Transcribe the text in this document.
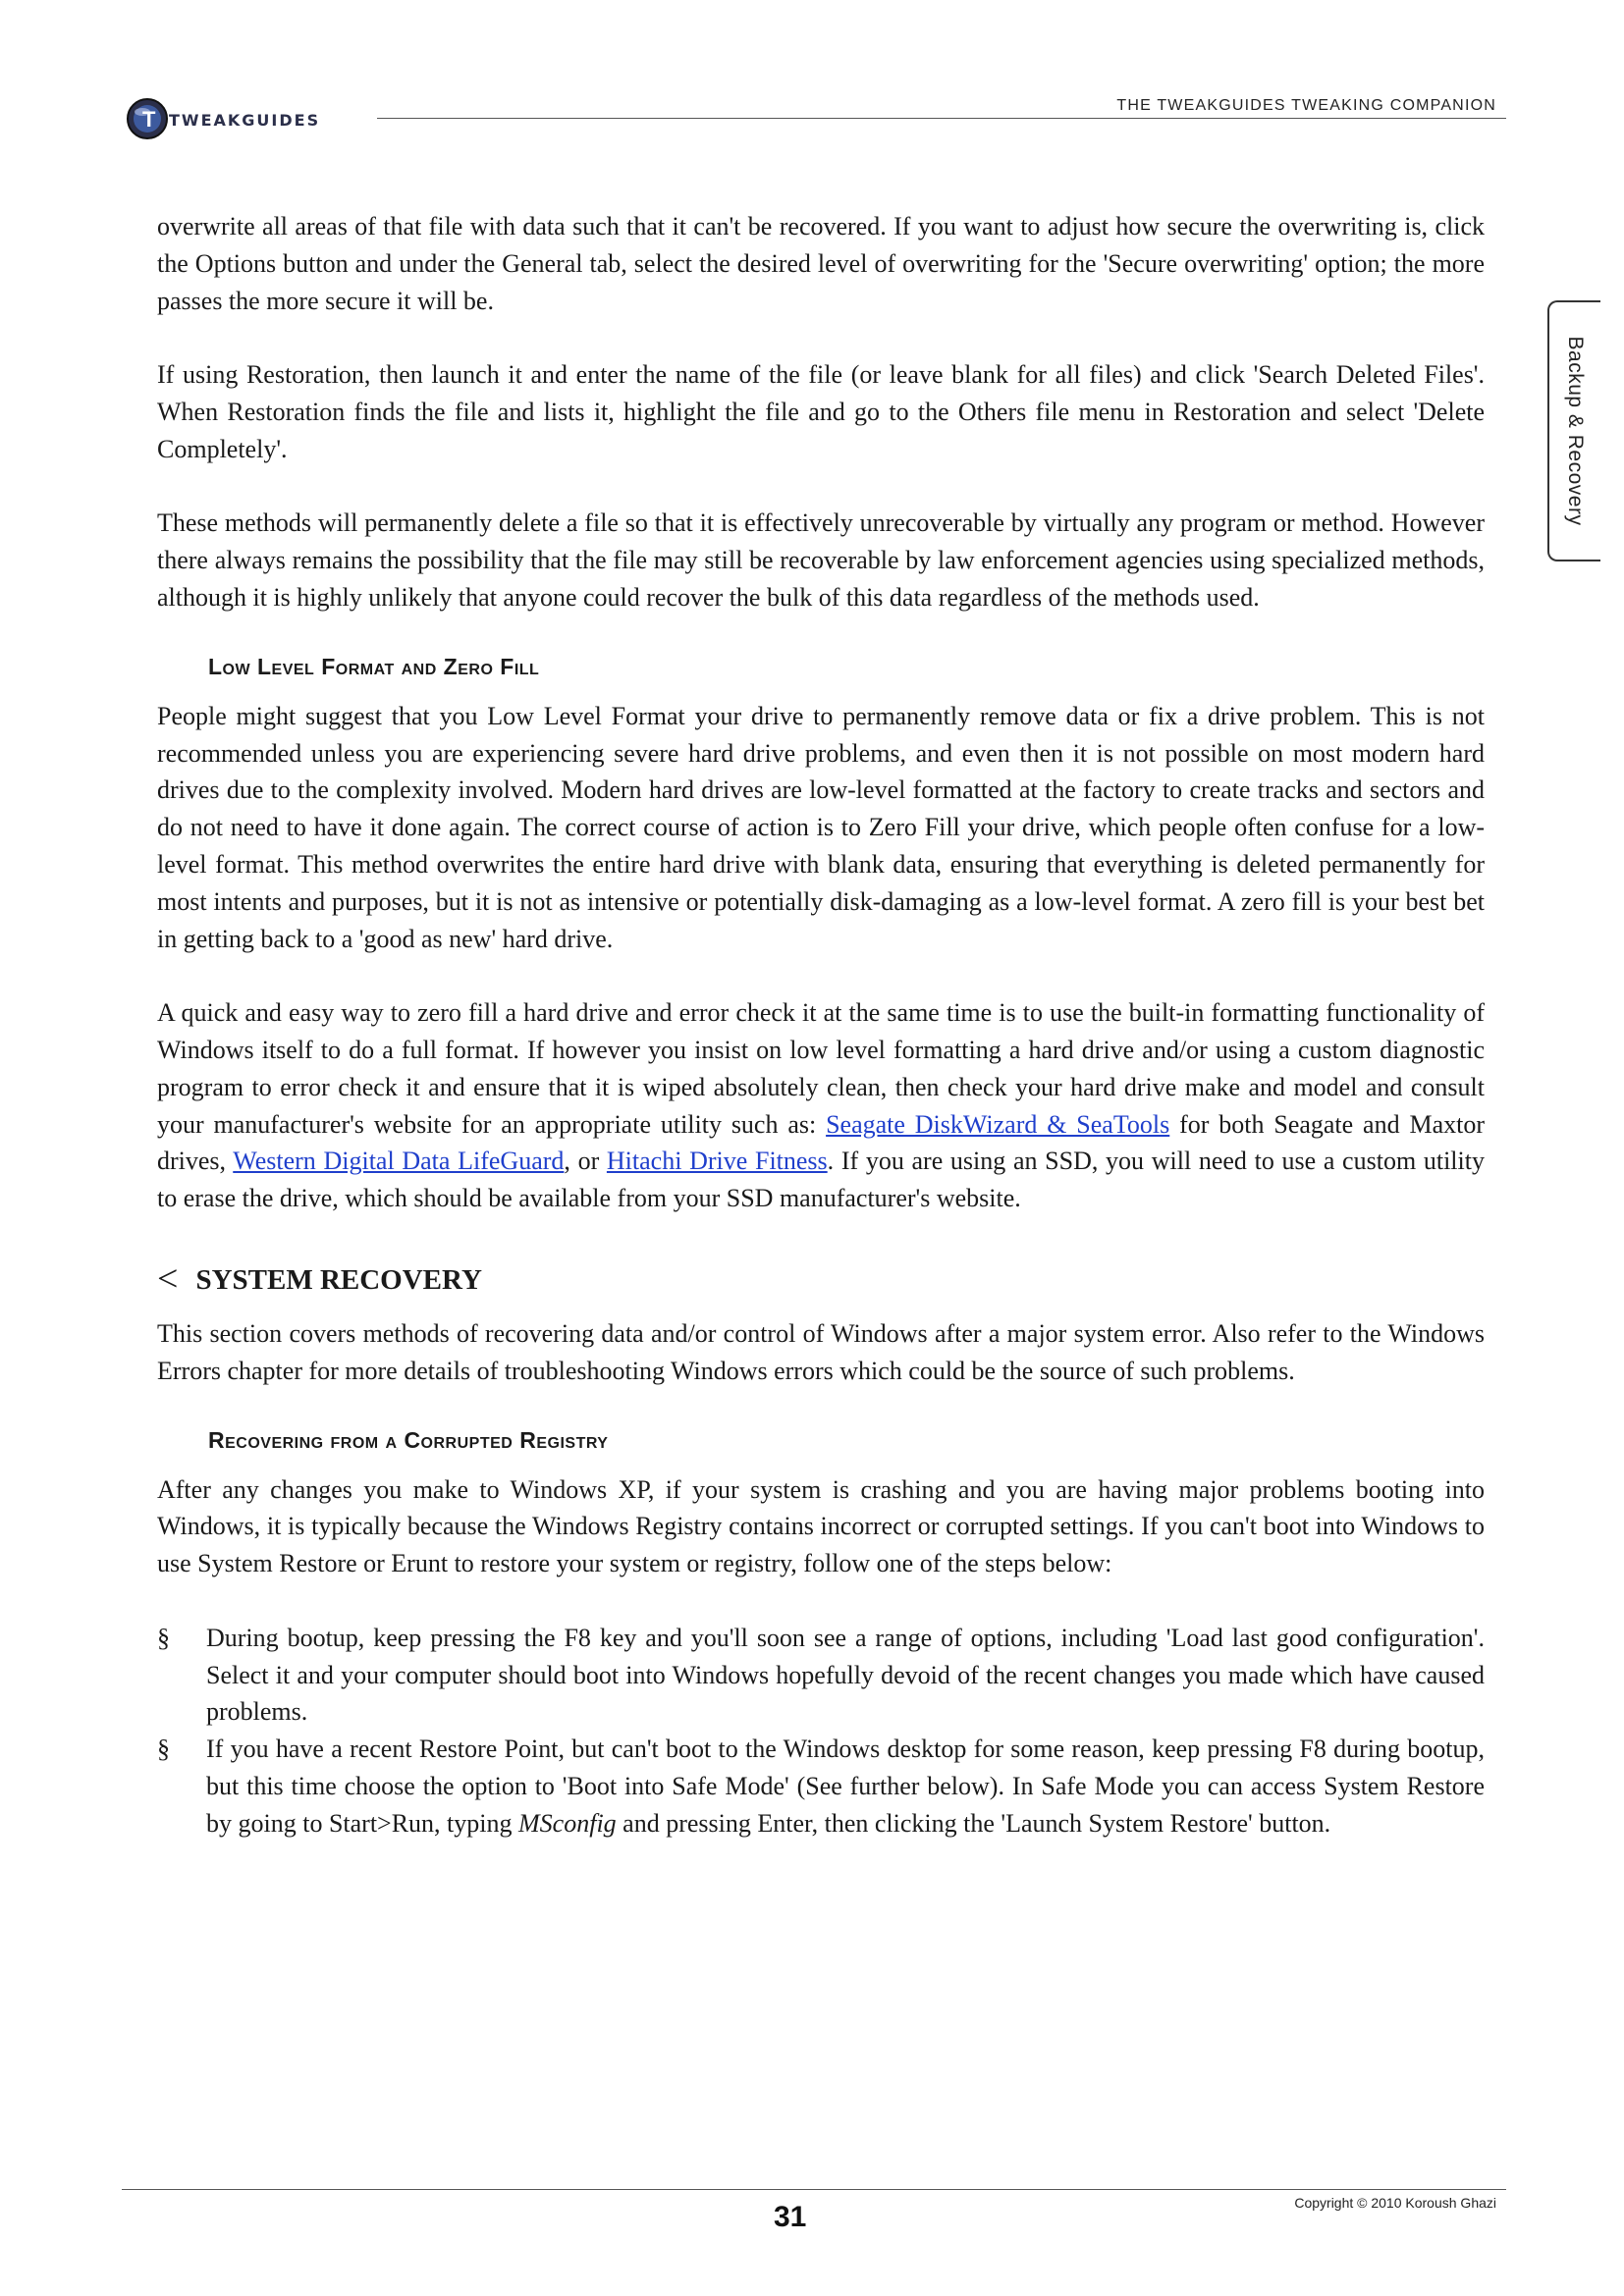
T TWEAKGUIDES
THE TWEAKGUIDES TWEAKING COMPANION
Backup & Recovery

overwrite all areas of that file with data such that it can't be recovered. If you want to adjust how secure the overwriting is, click the Options button and under the General tab, select the desired level of overwriting for the 'Secure overwriting' option; the more passes the more secure it will be.

If using Restoration, then launch it and enter the name of the file (or leave blank for all files) and click 'Search Deleted Files'. When Restoration finds the file and lists it, highlight the file and go to the Others file menu in Restoration and select 'Delete Completely'.

These methods will permanently delete a file so that it is effectively unrecoverable by virtually any program or method. However there always remains the possibility that the file may still be recoverable by law enforcement agencies using specialized methods, although it is highly unlikely that anyone could recover the bulk of this data regardless of the methods used.

Low Level Format and Zero Fill

People might suggest that you Low Level Format your drive to permanently remove data or fix a drive problem. This is not recommended unless you are experiencing severe hard drive problems, and even then it is not possible on most modern hard drives due to the complexity involved. Modern hard drives are low-level formatted at the factory to create tracks and sectors and do not need to have it done again. The correct course of action is to Zero Fill your drive, which people often confuse for a low-level format. This method overwrites the entire hard drive with blank data, ensuring that everything is deleted permanently for most intents and purposes, but it is not as intensive or potentially disk-damaging as a low-level format. A zero fill is your best bet in getting back to a 'good as new' hard drive.

A quick and easy way to zero fill a hard drive and error check it at the same time is to use the built-in formatting functionality of Windows itself to do a full format. If however you insist on low level formatting a hard drive and/or using a custom diagnostic program to error check it and ensure that it is wiped absolutely clean, then check your hard drive make and model and consult your manufacturer's website for an appropriate utility such as: Seagate DiskWizard & SeaTools for both Seagate and Maxtor drives, Western Digital Data LifeGuard, or Hitachi Drive Fitness. If you are using an SSD, you will need to use a custom utility to erase the drive, which should be available from your SSD manufacturer's website.

< SYSTEM RECOVERY

This section covers methods of recovering data and/or control of Windows after a major system error. Also refer to the Windows Errors chapter for more details of troubleshooting Windows errors which could be the source of such problems.

Recovering from a Corrupted Registry

After any changes you make to Windows XP, if your system is crashing and you are having major problems booting into Windows, it is typically because the Windows Registry contains incorrect or corrupted settings. If you can't boot into Windows to use System Restore or Erunt to restore your system or registry, follow one of the steps below:

§	During bootup, keep pressing the F8 key and you'll soon see a range of options, including 'Load last good configuration'. Select it and your computer should boot into Windows hopefully devoid of the recent changes you made which have caused problems.

§	If you have a recent Restore Point, but can't boot to the Windows desktop for some reason, keep pressing F8 during bootup, but this time choose the option to 'Boot into Safe Mode' (See further below). In Safe Mode you can access System Restore by going to Start>Run, typing MSconfig and pressing Enter, then clicking the 'Launch System Restore' button.

Copyright © 2010 Koroush Ghazi
31
